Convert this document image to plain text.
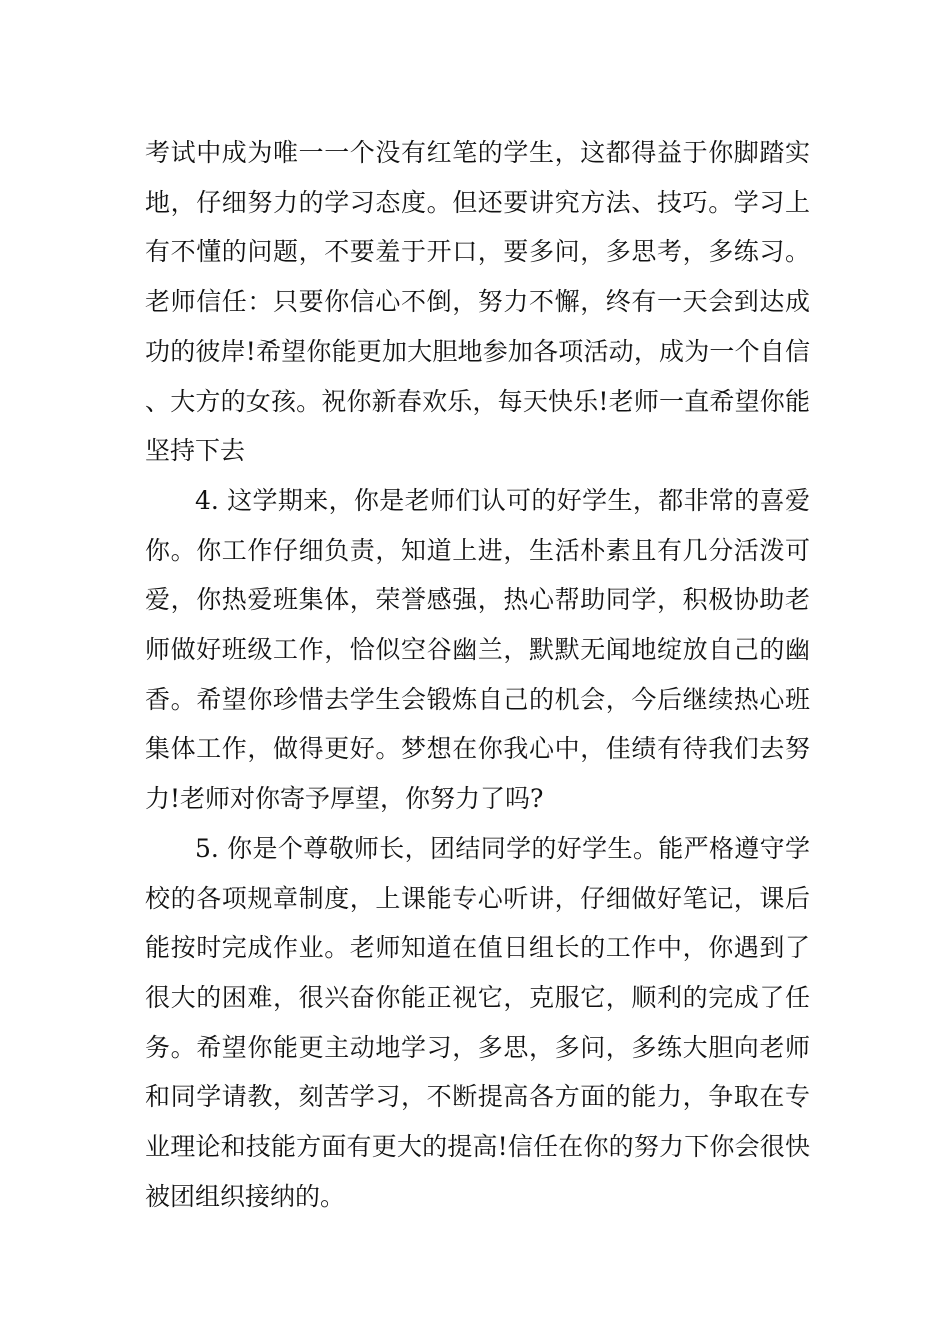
考试中成为唯一一个没有红笔的学生，这都得益于你脚踏实地，仔细努力的学习态度。但还要讲究方法、技巧。学习上有不懂的问题，不要羞于开口，要多问，多思考，多练习。老师信任：只要你信心不倒，努力不懈，终有一天会到达成功的彼岸!希望你能更加大胆地参加各项活动，成为一个自信、大方的女孩。祝你新春欢乐，每天快乐!老师一直希望你能坚持下去

4. 这学期来，你是老师们认可的好学生，都非常的喜爱你。你工作仔细负责，知道上进，生活朴素且有几分活泼可爱，你热爱班集体，荣誉感强，热心帮助同学，积极协助老师做好班级工作，恰似空谷幽兰，默默无闻地绽放自己的幽香。希望你珍惜去学生会锻炼自己的机会，今后继续热心班集体工作，做得更好。梦想在你我心中，佳绩有待我们去努力!老师对你寄予厚望，你努力了吗?

5. 你是个尊敬师长，团结同学的好学生。能严格遵守学校的各项规章制度，上课能专心听讲，仔细做好笔记，课后能按时完成作业。老师知道在值日组长的工作中，你遇到了很大的困难，很兴奋你能正视它，克服它，顺利的完成了任务。希望你能更主动地学习，多思，多问，多练大胆向老师和同学请教，刻苦学习，不断提高各方面的能力，争取在专业理论和技能方面有更大的提高!信任在你的努力下你会很快被团组织接纳的。
